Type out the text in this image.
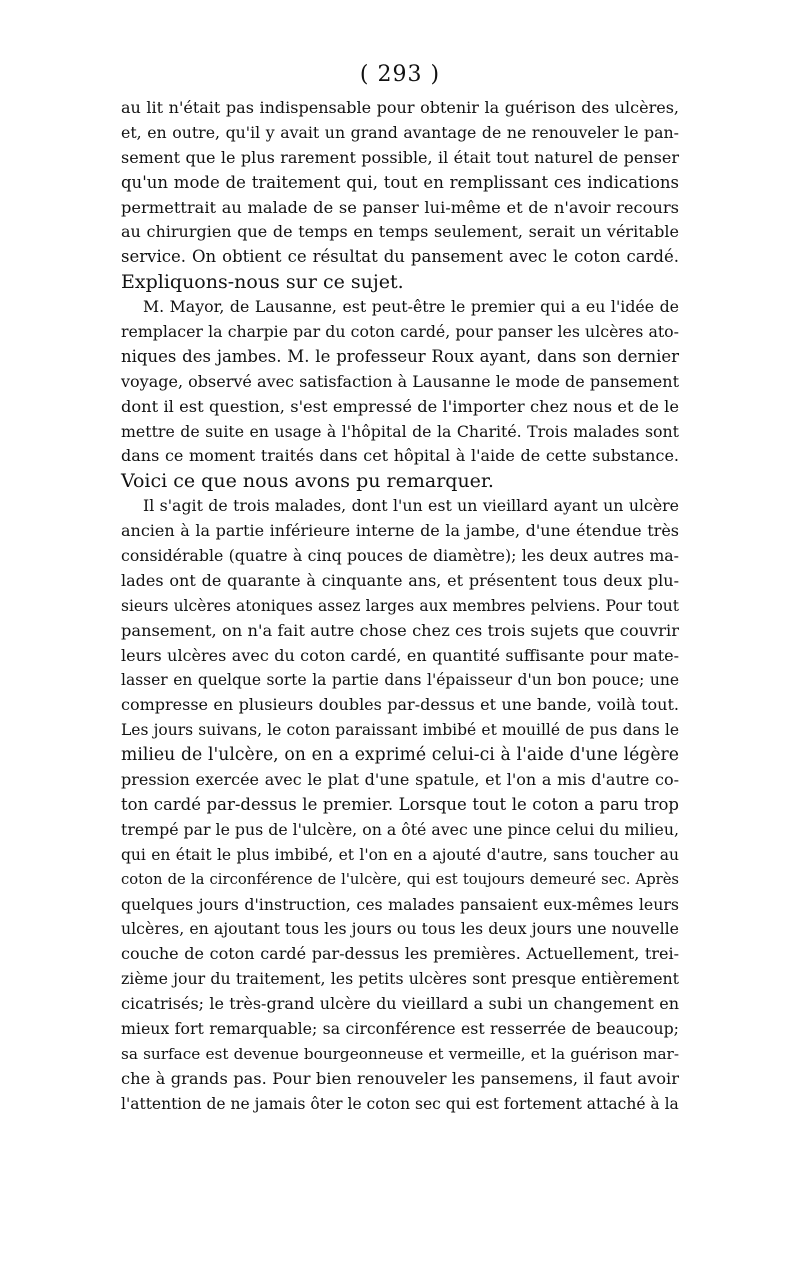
( 293 )
au lit n'était pas indispensable pour obtenir la guérison des ulcères,
et, en outre, qu'il y avait un grand avantage de ne renouveler le pan-
sement que le plus rarement possible, il était tout naturel de penser
qu'un mode de traitement qui, tout en remplissant ces indications
permettrait au malade de se panser lui-même et de n'avoir recours
au chirurgien que de temps en temps seulement, serait un véritable
service. On obtient ce résultat du pansement avec le coton cardé.
Expliquons-nous sur ce sujet.
M. Mayor, de Lausanne, est peut-être le premier qui a eu l'idée de
remplacer la charpie par du coton cardé, pour panser les ulcères ato-
niques des jambes. M. le professeur Roux ayant, dans son dernier
voyage, observé avec satisfaction à Lausanne le mode de pansement
dont il est question, s'est empressé de l'importer chez nous et de le
mettre de suite en usage à l'hôpital de la Charité. Trois malades sont
dans ce moment traités dans cet hôpital à l'aide de cette substance.
Voici ce que nous avons pu remarquer.
Il s'agit de trois malades, dont l'un est un vieillard ayant un ulcère
ancien à la partie inférieure interne de la jambe, d'une étendue très
considérable (quatre à cinq pouces de diamètre); les deux autres ma-
lades ont de quarante à cinquante ans, et présentent tous deux plu-
sieurs ulcères atoniques assez larges aux membres pelviens. Pour tout
pansement, on n'a fait autre chose chez ces trois sujets que couvrir
leurs ulcères avec du coton cardé, en quantité suffisante pour mate-
lasser en quelque sorte la partie dans l'épaisseur d'un bon pouce; une
compresse en plusieurs doubles par-dessus et une bande, voilà tout.
Les jours suivans, le coton paraissant imbibé et mouillé de pus dans le
milieu de l'ulcère, on en a exprimé celui-ci à l'aide d'une légère
pression exercée avec le plat d'une spatule, et l'on a mis d'autre co-
ton cardé par-dessus le premier. Lorsque tout le coton a paru trop
trempé par le pus de l'ulcère, on a ôté avec une pince celui du milieu,
qui en était le plus imbibé, et l'on en a ajouté d'autre, sans toucher au
coton de la circonférence de l'ulcère, qui est toujours demeuré sec. Après
quelques jours d'instruction, ces malades pansaient eux-mêmes leurs
ulcères, en ajoutant tous les jours ou tous les deux jours une nouvelle
couche de coton cardé par-dessus les premières. Actuellement, trei-
zième jour du traitement, les petits ulcères sont presque entièrement
cicatrisés; le très-grand ulcère du vieillard a subi un changement en
mieux fort remarquable; sa circonférence est resserrée de beaucoup;
sa surface est devenue bourgeonneuse et vermeille, et la guérison mar-
che à grands pas. Pour bien renouveler les pansemens, il faut avoir
l'attention de ne jamais ôter le coton sec qui est fortement attaché à la
